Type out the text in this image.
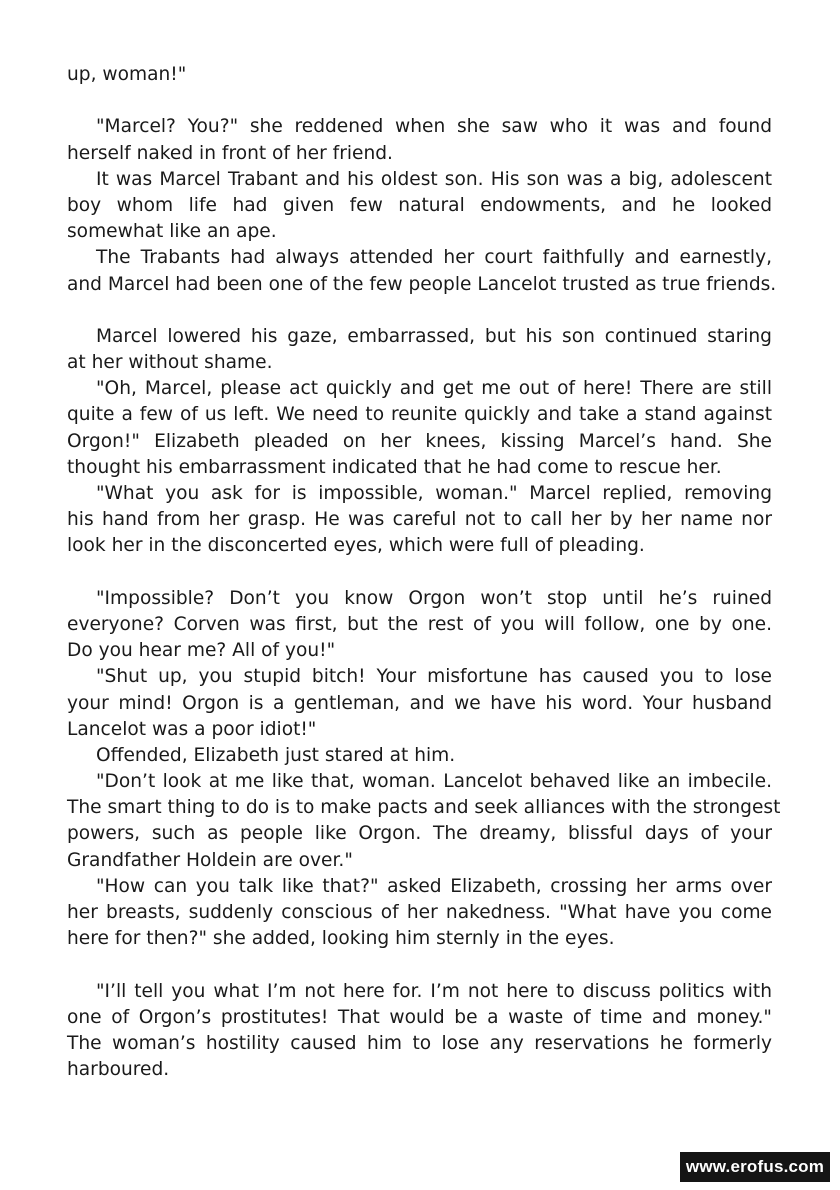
up, woman!"
"Marcel? You?" she reddened when she saw who it was and found
herself naked in front of her friend.
It was Marcel Trabant and his oldest son. His son was a big, adolescent
boy whom life had given few natural endowments, and he looked
somewhat like an ape.
The Trabants had always attended her court faithfully and earnestly,
and Marcel had been one of the few people Lancelot trusted as true friends.
Marcel lowered his gaze, embarrassed, but his son continued staring
at her without shame.
"Oh, Marcel, please act quickly and get me out of here! There are still
quite a few of us left. We need to reunite quickly and take a stand against
Orgon!" Elizabeth pleaded on her knees, kissing Marcel’s hand. She
thought his embarrassment indicated that he had come to rescue her.
"What you ask for is impossible, woman." Marcel replied, removing
his hand from her grasp. He was careful not to call her by her name nor
look her in the disconcerted eyes, which were full of pleading.
"Impossible? Don’t you know Orgon won’t stop until he’s ruined
everyone? Corven was first, but the rest of you will follow, one by one.
Do you hear me? All of you!"
"Shut up, you stupid bitch! Your misfortune has caused you to lose
your mind! Orgon is a gentleman, and we have his word. Your husband
Lancelot was a poor idiot!"
Offended, Elizabeth just stared at him.
"Don’t look at me like that, woman. Lancelot behaved like an imbecile.
The smart thing to do is to make pacts and seek alliances with the strongest
powers, such as people like Orgon. The dreamy, blissful days of your
Grandfather Holdein are over."
"How can you talk like that?" asked Elizabeth, crossing her arms over
her breasts, suddenly conscious of her nakedness. "What have you come
here for then?" she added, looking him sternly in the eyes.
"I’ll tell you what I’m not here for. I’m not here to discuss politics with
one of Orgon’s prostitutes! That would be a waste of time and money."
The woman’s hostility caused him to lose any reservations he formerly
harboured.
www.erofus.com
